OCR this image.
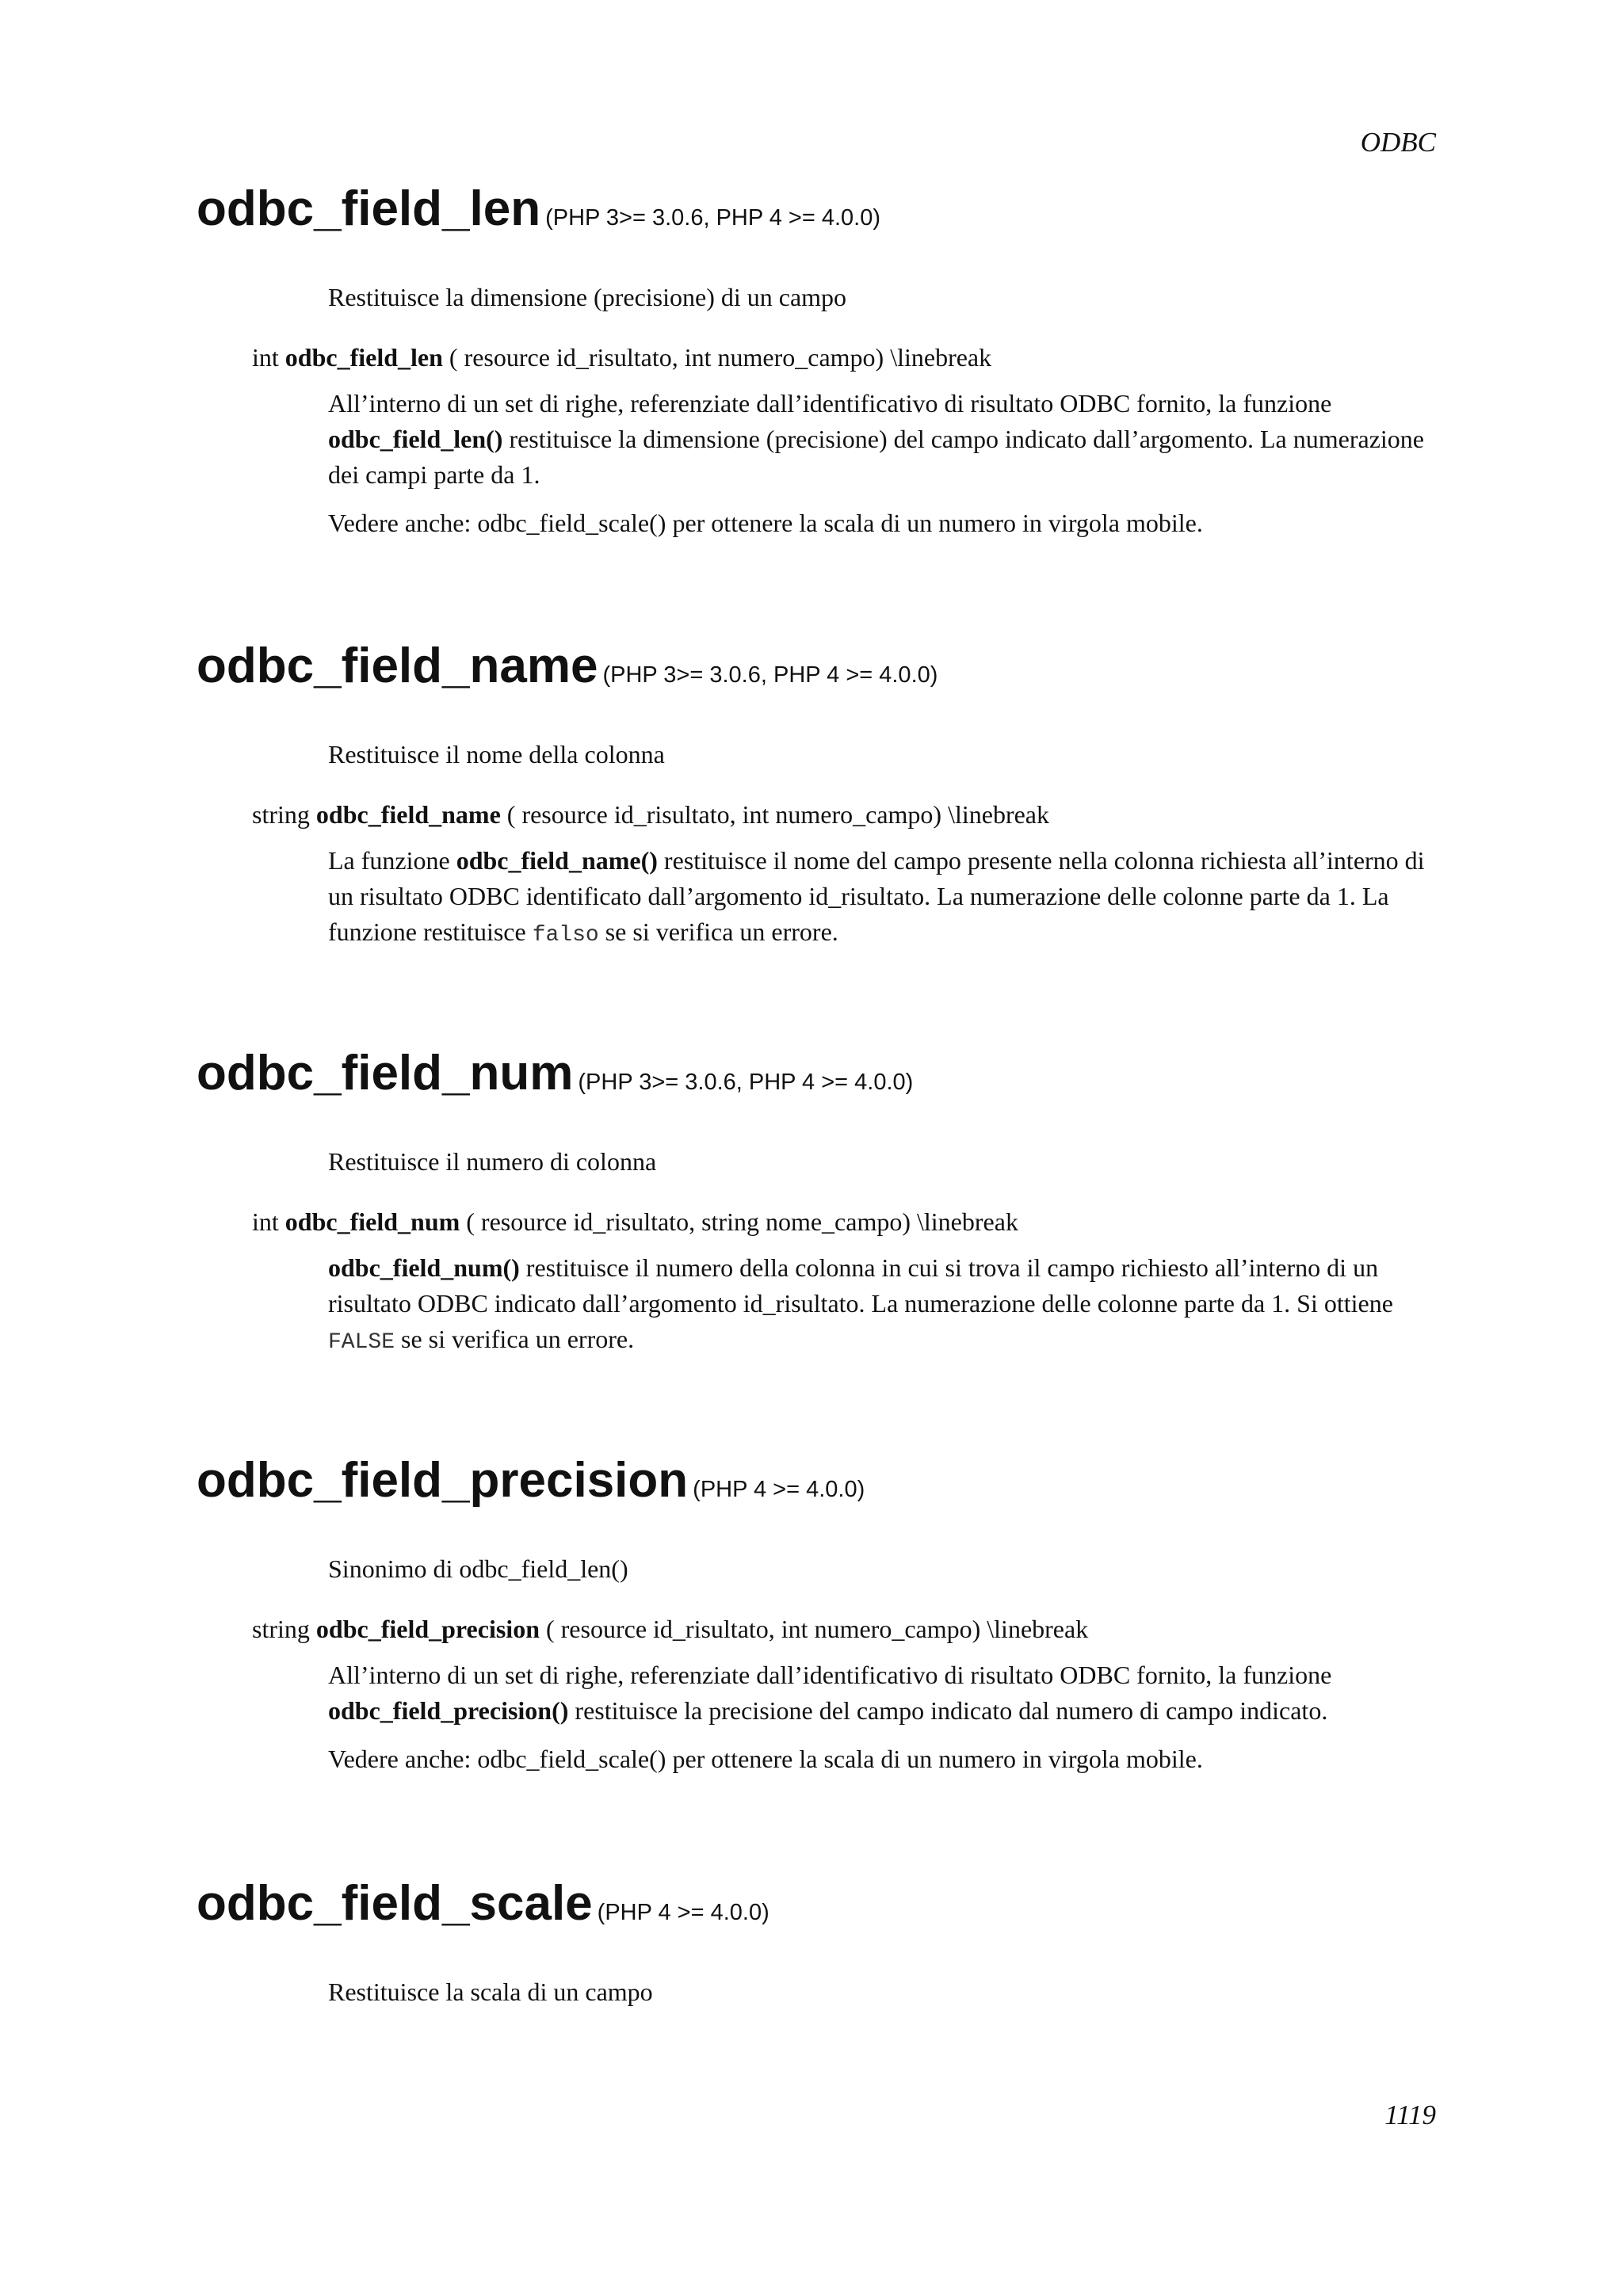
ODBC
odbc_field_len (PHP 3>= 3.0.6, PHP 4 >= 4.0.0)
Restituisce la dimensione (precisione) di un campo
int odbc_field_len ( resource id_risultato, int numero_campo) \linebreak
All’interno di un set di righe, referenziate dall’identificativo di risultato ODBC fornito, la funzione odbc_field_len() restituisce la dimensione (precisione) del campo indicato dall’argomento. La numerazione dei campi parte da 1.
Vedere anche: odbc_field_scale() per ottenere la scala di un numero in virgola mobile.
odbc_field_name (PHP 3>= 3.0.6, PHP 4 >= 4.0.0)
Restituisce il nome della colonna
string odbc_field_name ( resource id_risultato, int numero_campo) \linebreak
La funzione odbc_field_name() restituisce il nome del campo presente nella colonna richiesta all’interno di un risultato ODBC identificato dall’argomento id_risultato. La numerazione delle colonne parte da 1. La funzione restituisce falso se si verifica un errore.
odbc_field_num (PHP 3>= 3.0.6, PHP 4 >= 4.0.0)
Restituisce il numero di colonna
int odbc_field_num ( resource id_risultato, string nome_campo) \linebreak
odbc_field_num() restituisce il numero della colonna in cui si trova il campo richiesto all’interno di un risultato ODBC indicato dall’argomento id_risultato. La numerazione delle colonne parte da 1. Si ottiene FALSE se si verifica un errore.
odbc_field_precision (PHP 4 >= 4.0.0)
Sinonimo di odbc_field_len()
string odbc_field_precision ( resource id_risultato, int numero_campo) \linebreak
All’interno di un set di righe, referenziate dall’identificativo di risultato ODBC fornito, la funzione odbc_field_precision() restituisce la precisione del campo indicato dal numero di campo indicato.
Vedere anche: odbc_field_scale() per ottenere la scala di un numero in virgola mobile.
odbc_field_scale (PHP 4 >= 4.0.0)
Restituisce la scala di un campo
1119
